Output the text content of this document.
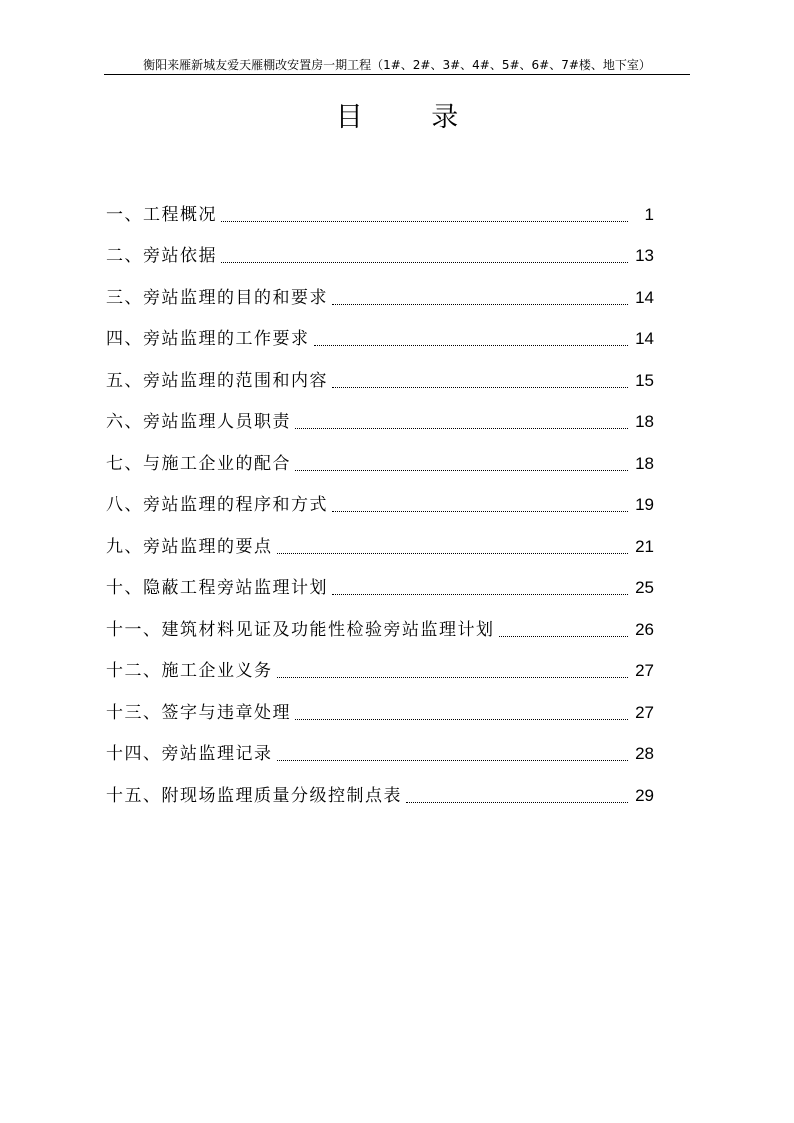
衡阳来雁新城友爱天雁棚改安置房一期工程（1#、2#、3#、4#、5#、6#、7#楼、地下室）
目 录
一、工程概况	1
二、旁站依据	13
三、旁站监理的目的和要求	14
四、旁站监理的工作要求	14
五、旁站监理的范围和内容	15
六、旁站监理人员职责	18
七、与施工企业的配合	18
八、旁站监理的程序和方式	19
九、旁站监理的要点	21
十、隐蔽工程旁站监理计划	25
十一、建筑材料见证及功能性检验旁站监理计划	26
十二、施工企业义务	27
十三、签字与违章处理	27
十四、旁站监理记录	28
十五、附现场监理质量分级控制点表	29
